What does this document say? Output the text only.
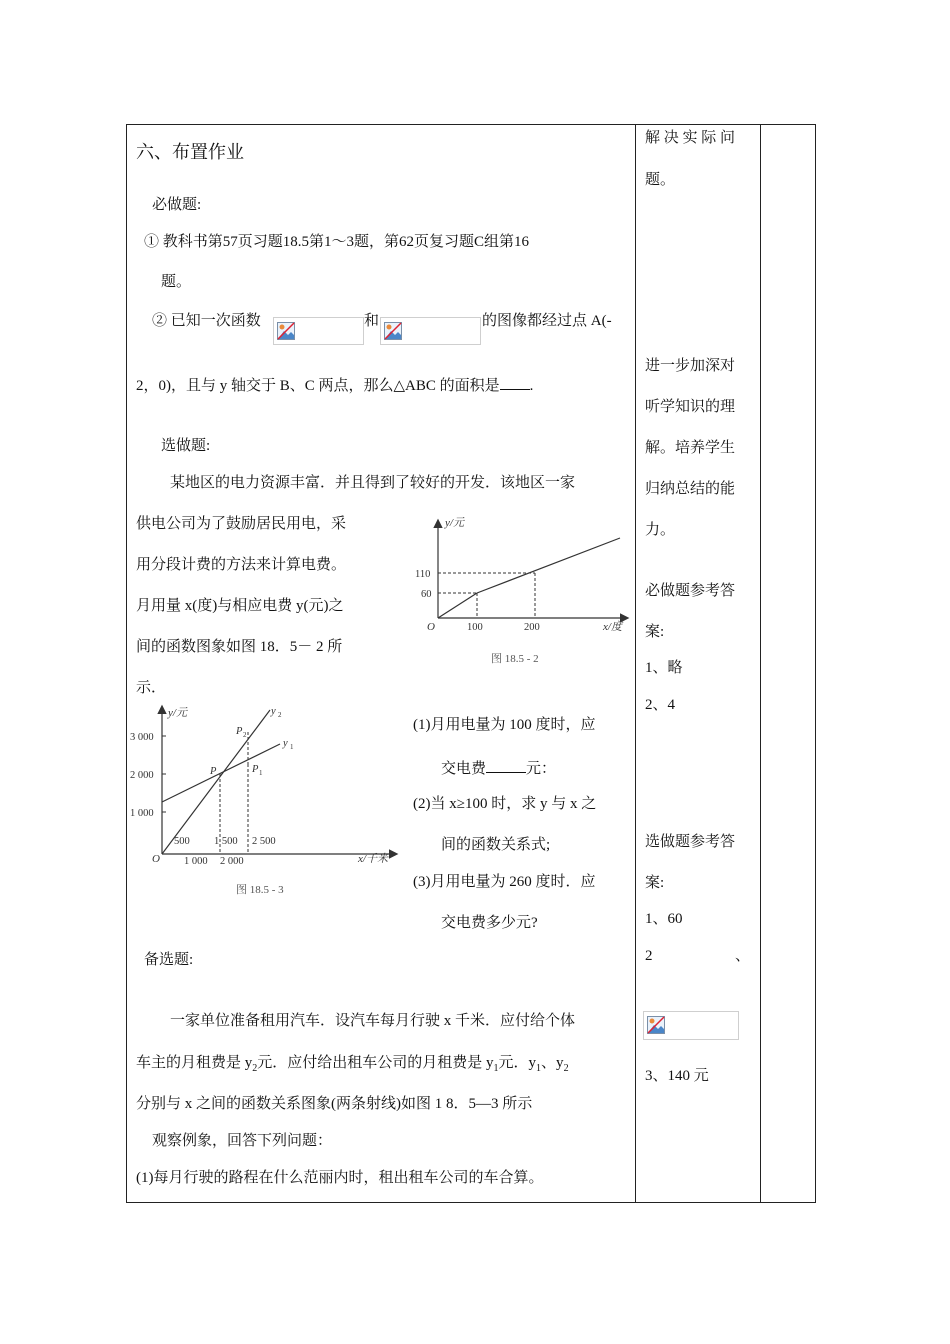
六、布置作业
必做题:
① 教科书第57页习题18.5第1～3题，第62页复习题C组第16
题。
② 已知一次函数	和	的图像都经过点 A(-
2，0)，且与 y 轴交于 B、C 两点，那么△ABC 的面积是 .
选做题:
某地区的电力资源丰富．并且得到了较好的开发．该地区一家
供电公司为了鼓励居民用电，采
用分段计费的方法来计算电费。
月用量 x(度)与相应电费 y(元)之
间的函数图象如图 18．5－ 2 所
示．
y/元
x/度
O
60
110
100	200
图 18.5 - 2
y/元
x/千米
O
3 000
2 000
1 000
y 2
y 1
P 2
P	P 1
500 1 500 2 500
1 000 2 000
图 18.5 - 3
(1)月用电量为 100 度时，应
交电费	元：
(2)当 x≥100 时，求 y 与 x 之
间的函数关系式;
(3)月用电量为 260 度时．应
交电费多少元?
备选题:
一家单位准备租用汽车．设汽车每月行驶 x 千米．应付给个体
车主的月租费是 $y_2$元．应付给出租车公司的月租费是 $y_1$元．$y_1$、$y_2$
分别与 x 之间的函数关系图象(两条射线)如图 1 8．5—3 所示
观察例象，回答下列问题：
(1)每月行驶的路程在什么范丽内时，租出租车公司的车合算。
解 决 实 际 问
题。
进一步加深对
听学知识的理
解。培养学生
归纳总结的能
力。
必做题参考答
案:
1、略
2、4
选做题参考答
案:
1、60
2	、
3、140 元
